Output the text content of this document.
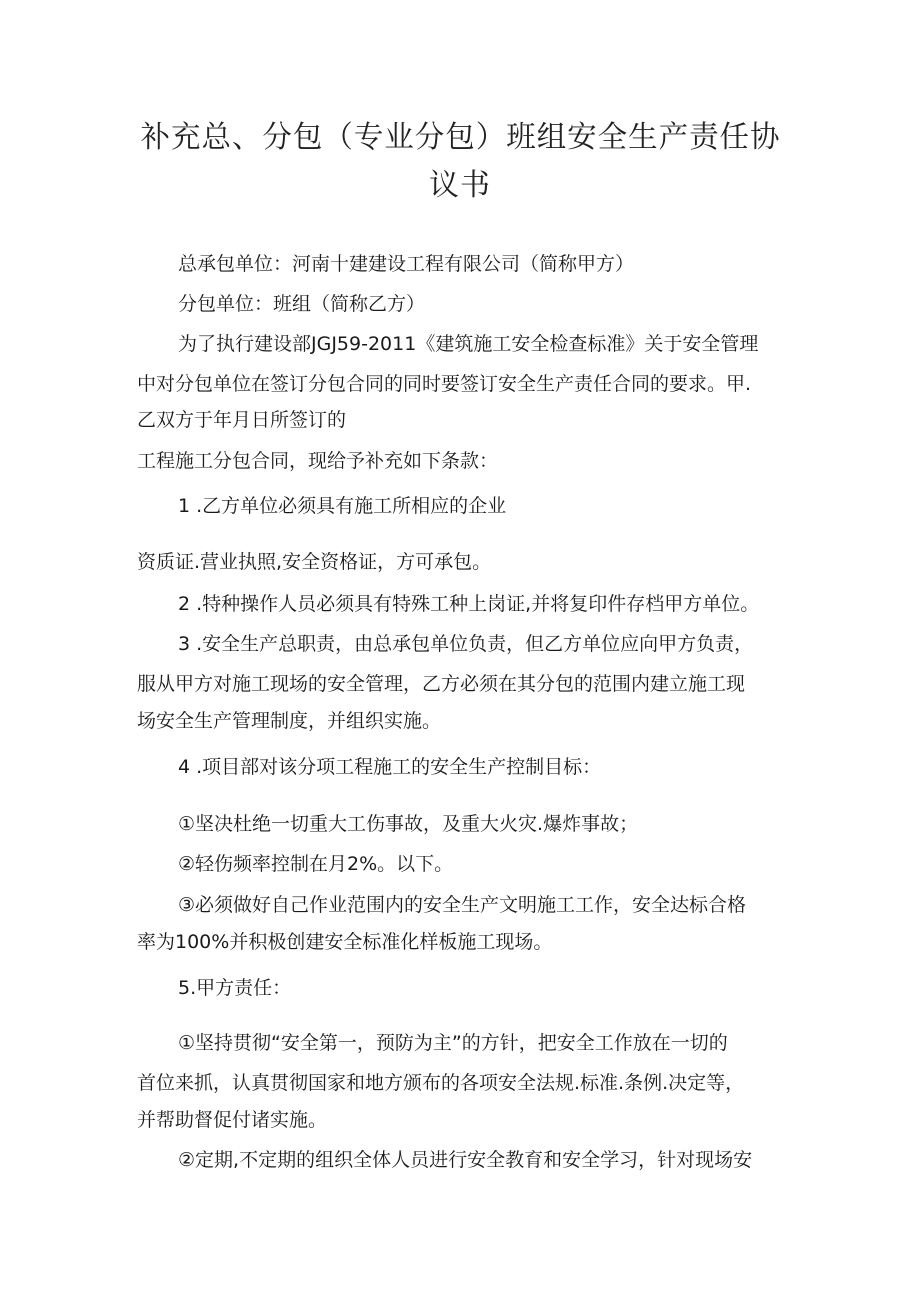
补充总、分包（专业分包）班组安全生产责任协
议书
总承包单位：河南十建建设工程有限公司（简称甲方）
分包单位：班组（简称乙方）
为了执行建设部JGJ59-2011《建筑施工安全检查标准》关于安全管理
中对分包单位在签订分包合同的同时要签订安全生产责任合同的要求。甲.
乙双方于年月日所签订的
工程施工分包合同，现给予补充如下条款：
1 .乙方单位必须具有施工所相应的企业
资质证.营业执照,安全资格证，方可承包。
2 .特种操作人员必须具有特殊工种上岗证,并将复印件存档甲方单位。
3 .安全生产总职责，由总承包单位负责，但乙方单位应向甲方负责，
服从甲方对施工现场的安全管理，乙方必须在其分包的范围内建立施工现
场安全生产管理制度，并组织实施。
4 .项目部对该分项工程施工的安全生产控制目标：
①坚决杜绝一切重大工伤事故，及重大火灾.爆炸事故；
②轻伤频率控制在月2%。以下。
③必须做好自己作业范围内的安全生产文明施工工作，安全达标合格
率为100%并积极创建安全标准化样板施工现场。
5.甲方责任：
①坚持贯彻“安全第一，预防为主”的方针，把安全工作放在一切的
首位来抓，认真贯彻国家和地方颁布的各项安全法规.标准.条例.决定等，
并帮助督促付诸实施。
②定期,不定期的组织全体人员进行安全教育和安全学习，针对现场安
